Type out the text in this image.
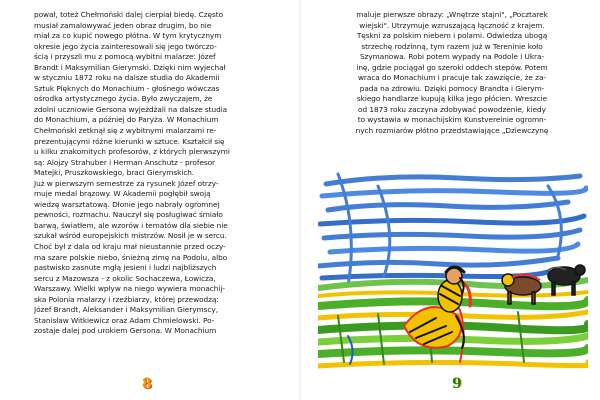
pował, toteż Chełmoński dalej cierpiał biedę. Często
musiał zamalowywać jeden obraz drugim, bo nie
miał za co kupić nowego płótna. W tym krytycznym
okresie jego życia zainteresowali się jego twórczo-
ścią i przyszli mu z pomocą wybitni malarze: Józef
Brandt i Maksymilian Gierymski. Dzięki nim wyjechał
w styczniu 1872 roku na dalsze studia do Akademii
Sztuk Pięknych do Monachium - głośnego wówczas
ośrodka artystycznego życia. Było zwyczajem, że
zdolni uczniowie Gersona wyjeżdżali na dalsze studia
do Monachium, a później do Paryża. W Monachium
Chełmoński zetknął się z wybitnymi malarzami re-
prezentującymi różne kierunki w sztuce. Kształcił się
u kilku znakomitych profesorów, z których pierwszymi
są: Alojzy Strahuber i Herman Anschutz - profesor
Matejki, Pruszkowskiego, braci Gierymskich.
Już w pierwszym semestrze za rysunek Józef otrzy-
muje medal brązowy. W Akademii pogłębił swoją
wiedzę warsztatową. Dłonie jego nabrały ogromnej
pewności, rozmachu. Nauczył się posługiwać śmiało
barwą, światłem, ale wzorów i tematów dla siebie nie
szukał wśród europejskich mistrzów. Nosił je w sercu.
Choć był z dala od kraju mał nieustannie przed oczy-
ma szare polskie niebo, śnieżną zimę na Podolu, albo
pastwisko zasnute mgłą jesieni i ludzi najbliższych
sercu z Mazowsza - z okolic Sochaczewa, Łowicza,
Warszawy. Wielki wpływ na niego wywiera monachij-
ska Polonia malarzy i rzeźbiarzy, której przewodzą:
Józef Brandt, Aleksander i Maksymilian Gierymscy,
Stanisław Witkiewicz oraz Adam Chmielowski. Po-
zostaje dalej pod urokiem Gersona. W Monachium

8

maluje pierwsze obrazy: „Wnętrze stajni", „Pocztarek
wiejski". Utrzymuje wzruszającą łączność z krajem.
Tęskni za polskim niebem i polami. Odwiedza ubogą
strzechę rodzinną, tym razem już w Tereninie koło
Szymanowa. Robi potem wypady na Podole i Ukra-
inę, gdzie pociągał go szeroki oddech stepów. Potem
wraca do Monachium i pracuje tak zawzięcie, że za-
pada na zdrowiu. Dzięki pomocy Brandta i Gierym-
skiego handlarze kupują kilka jego płócien. Wreszcie
od 1873 roku zaczyna zdobywać powodzenie, kiedy
to wystawia w monachijskim Kunstvereinie ogromn-
nych rozmiarów płótno przedstawiające „Dziewczynę

9
